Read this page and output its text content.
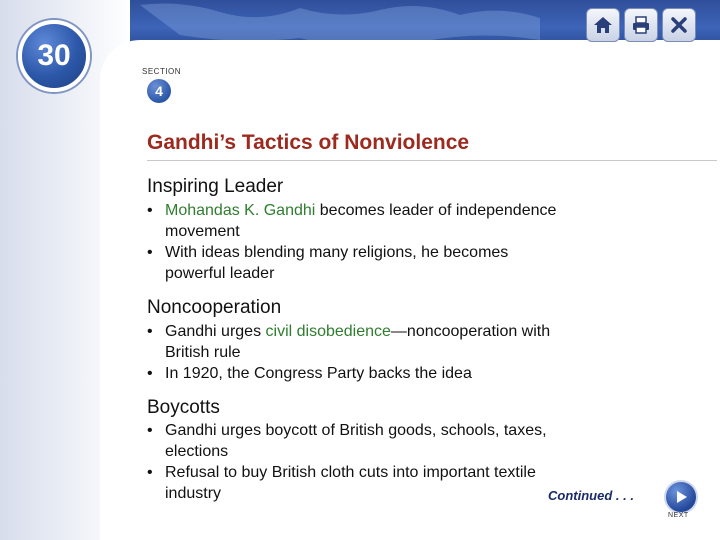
30	SECTION
4
Gandhi’s Tactics of Nonviolence
Inspiring Leader
• Mohandas K. Gandhi becomes leader of independence movement
• With ideas blending many religions, he becomes powerful leader
Noncooperation
• Gandhi urges civil disobedience—noncooperation with British rule
• In 1920, the Congress Party backs the idea
Boycotts
• Gandhi urges boycott of British goods, schools, taxes, elections
• Refusal to buy British cloth cuts into important textile industry	Continued . . .
NEXT
